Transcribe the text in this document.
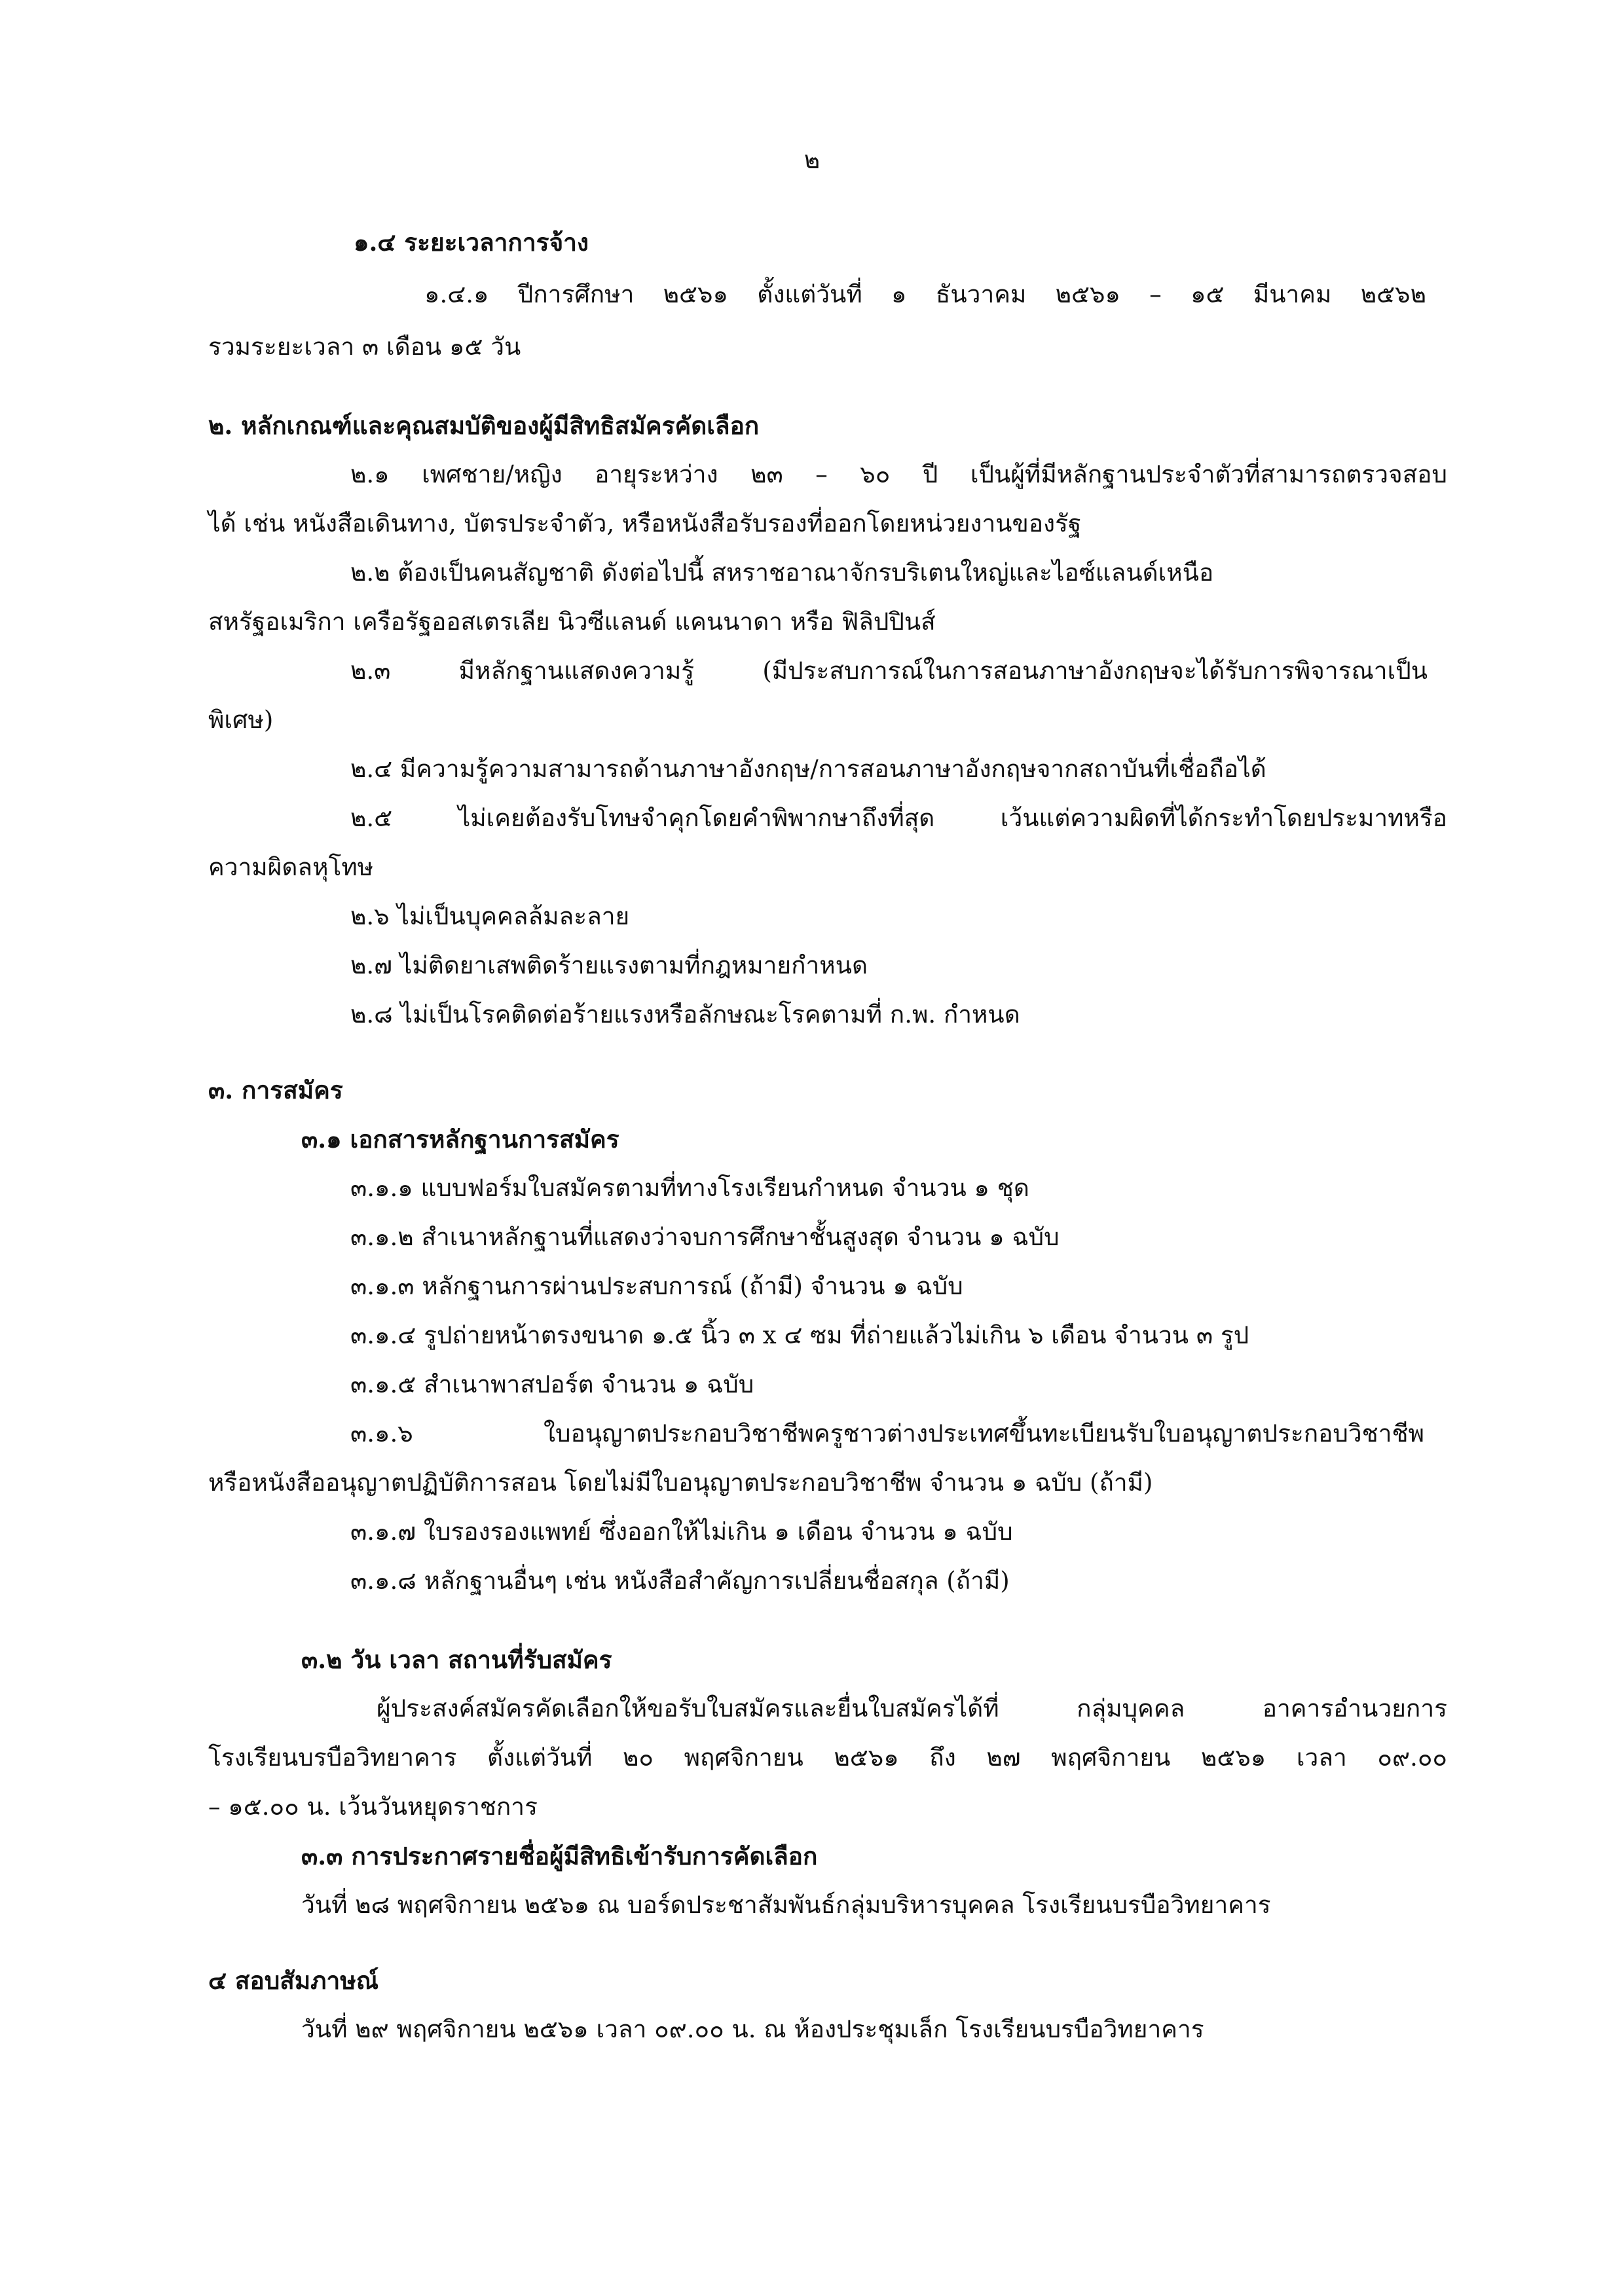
๒
๑.๔ ระยะเวลาการจ้าง
๑.๔.๑ ปีการศึกษา ๒๕๖๑ ตั้งแต่วันที่ ๑ ธันวาคม ๒๕๖๑ – ๑๕ มีนาคม ๒๕๖๒
รวมระยะเวลา ๓ เดือน ๑๕ วัน
๒. หลักเกณฑ์และคุณสมบัติของผู้มีสิทธิสมัครคัดเลือก
๒.๑ เพศชาย/หญิง อายุระหว่าง ๒๓ – ๖๐ ปี เป็นผู้ที่มีหลักฐานประจำตัวที่สามารถตรวจสอบ
ได้ เช่น หนังสือเดินทาง, บัตรประจำตัว, หรือหนังสือรับรองที่ออกโดยหน่วยงานของรัฐ
๒.๒ ต้องเป็นคนสัญชาติ ดังต่อไปนี้ สหราชอาณาจักรบริเตนใหญ่และไอซ์แลนด์เหนือ
สหรัฐอเมริกา เครือรัฐออสเตรเลีย นิวซีแลนด์ แคนนาดา หรือ ฟิลิปปินส์
๒.๓ มีหลักฐานแสดงความรู้ (มีประสบการณ์ในการสอนภาษาอังกฤษจะได้รับการพิจารณาเป็น
พิเศษ)
๒.๔ มีความรู้ความสามารถด้านภาษาอังกฤษ/การสอนภาษาอังกฤษจากสถาบันที่เชื่อถือได้
๒.๕ ไม่เคยต้องรับโทษจำคุกโดยคำพิพากษาถึงที่สุด เว้นแต่ความผิดที่ได้กระทำโดยประมาทหรือ
ความผิดลหุโทษ
๒.๖ ไม่เป็นบุคคลล้มละลาย
๒.๗ ไม่ติดยาเสพติดร้ายแรงตามที่กฎหมายกำหนด
๒.๘ ไม่เป็นโรคติดต่อร้ายแรงหรือลักษณะโรคตามที่ ก.พ. กำหนด
๓. การสมัคร
๓.๑ เอกสารหลักฐานการสมัคร
๓.๑.๑ แบบฟอร์มใบสมัครตามที่ทางโรงเรียนกำหนด จำนวน ๑ ชุด
๓.๑.๒ สำเนาหลักฐานที่แสดงว่าจบการศึกษาชั้นสูงสุด จำนวน ๑ ฉบับ
๓.๑.๓ หลักฐานการผ่านประสบการณ์ (ถ้ามี) จำนวน ๑ ฉบับ
๓.๑.๔ รูปถ่ายหน้าตรงขนาด ๑.๕ นิ้ว ๓ x ๔ ซม ที่ถ่ายแล้วไม่เกิน ๖ เดือน จำนวน ๓ รูป
๓.๑.๕ สำเนาพาสปอร์ต จำนวน ๑ ฉบับ
๓.๑.๖ ใบอนุญาตประกอบวิชาชีพครูชาวต่างประเทศขึ้นทะเบียนรับใบอนุญาตประกอบวิชาชีพ
หรือหนังสืออนุญาตปฏิบัติการสอน โดยไม่มีใบอนุญาตประกอบวิชาชีพ จำนวน ๑ ฉบับ (ถ้ามี)
๓.๑.๗ ใบรองรองแพทย์ ซึ่งออกให้ไม่เกิน ๑ เดือน จำนวน ๑ ฉบับ
๓.๑.๘ หลักฐานอื่นๆ เช่น หนังสือสำคัญการเปลี่ยนชื่อสกุล (ถ้ามี)
๓.๒ วัน เวลา สถานที่รับสมัคร
ผู้ประสงค์สมัครคัดเลือกให้ขอรับใบสมัครและยื่นใบสมัครได้ที่ กลุ่มบุคคล อาคารอำนวยการ
โรงเรียนบรบือวิทยาคาร ตั้งแต่วันที่ ๒๐ พฤศจิกายน ๒๕๖๑ ถึง ๒๗ พฤศจิกายน ๒๕๖๑ เวลา ๐๙.๐๐
– ๑๕.๐๐ น. เว้นวันหยุดราชการ
๓.๓ การประกาศรายชื่อผู้มีสิทธิเข้ารับการคัดเลือก
วันที่ ๒๘ พฤศจิกายน ๒๕๖๑ ณ บอร์ดประชาสัมพันธ์กลุ่มบริหารบุคคล โรงเรียนบรบือวิทยาคาร
๔ สอบสัมภาษณ์
วันที่ ๒๙ พฤศจิกายน ๒๕๖๑ เวลา ๐๙.๐๐ น. ณ ห้องประชุมเล็ก โรงเรียนบรบือวิทยาคาร
